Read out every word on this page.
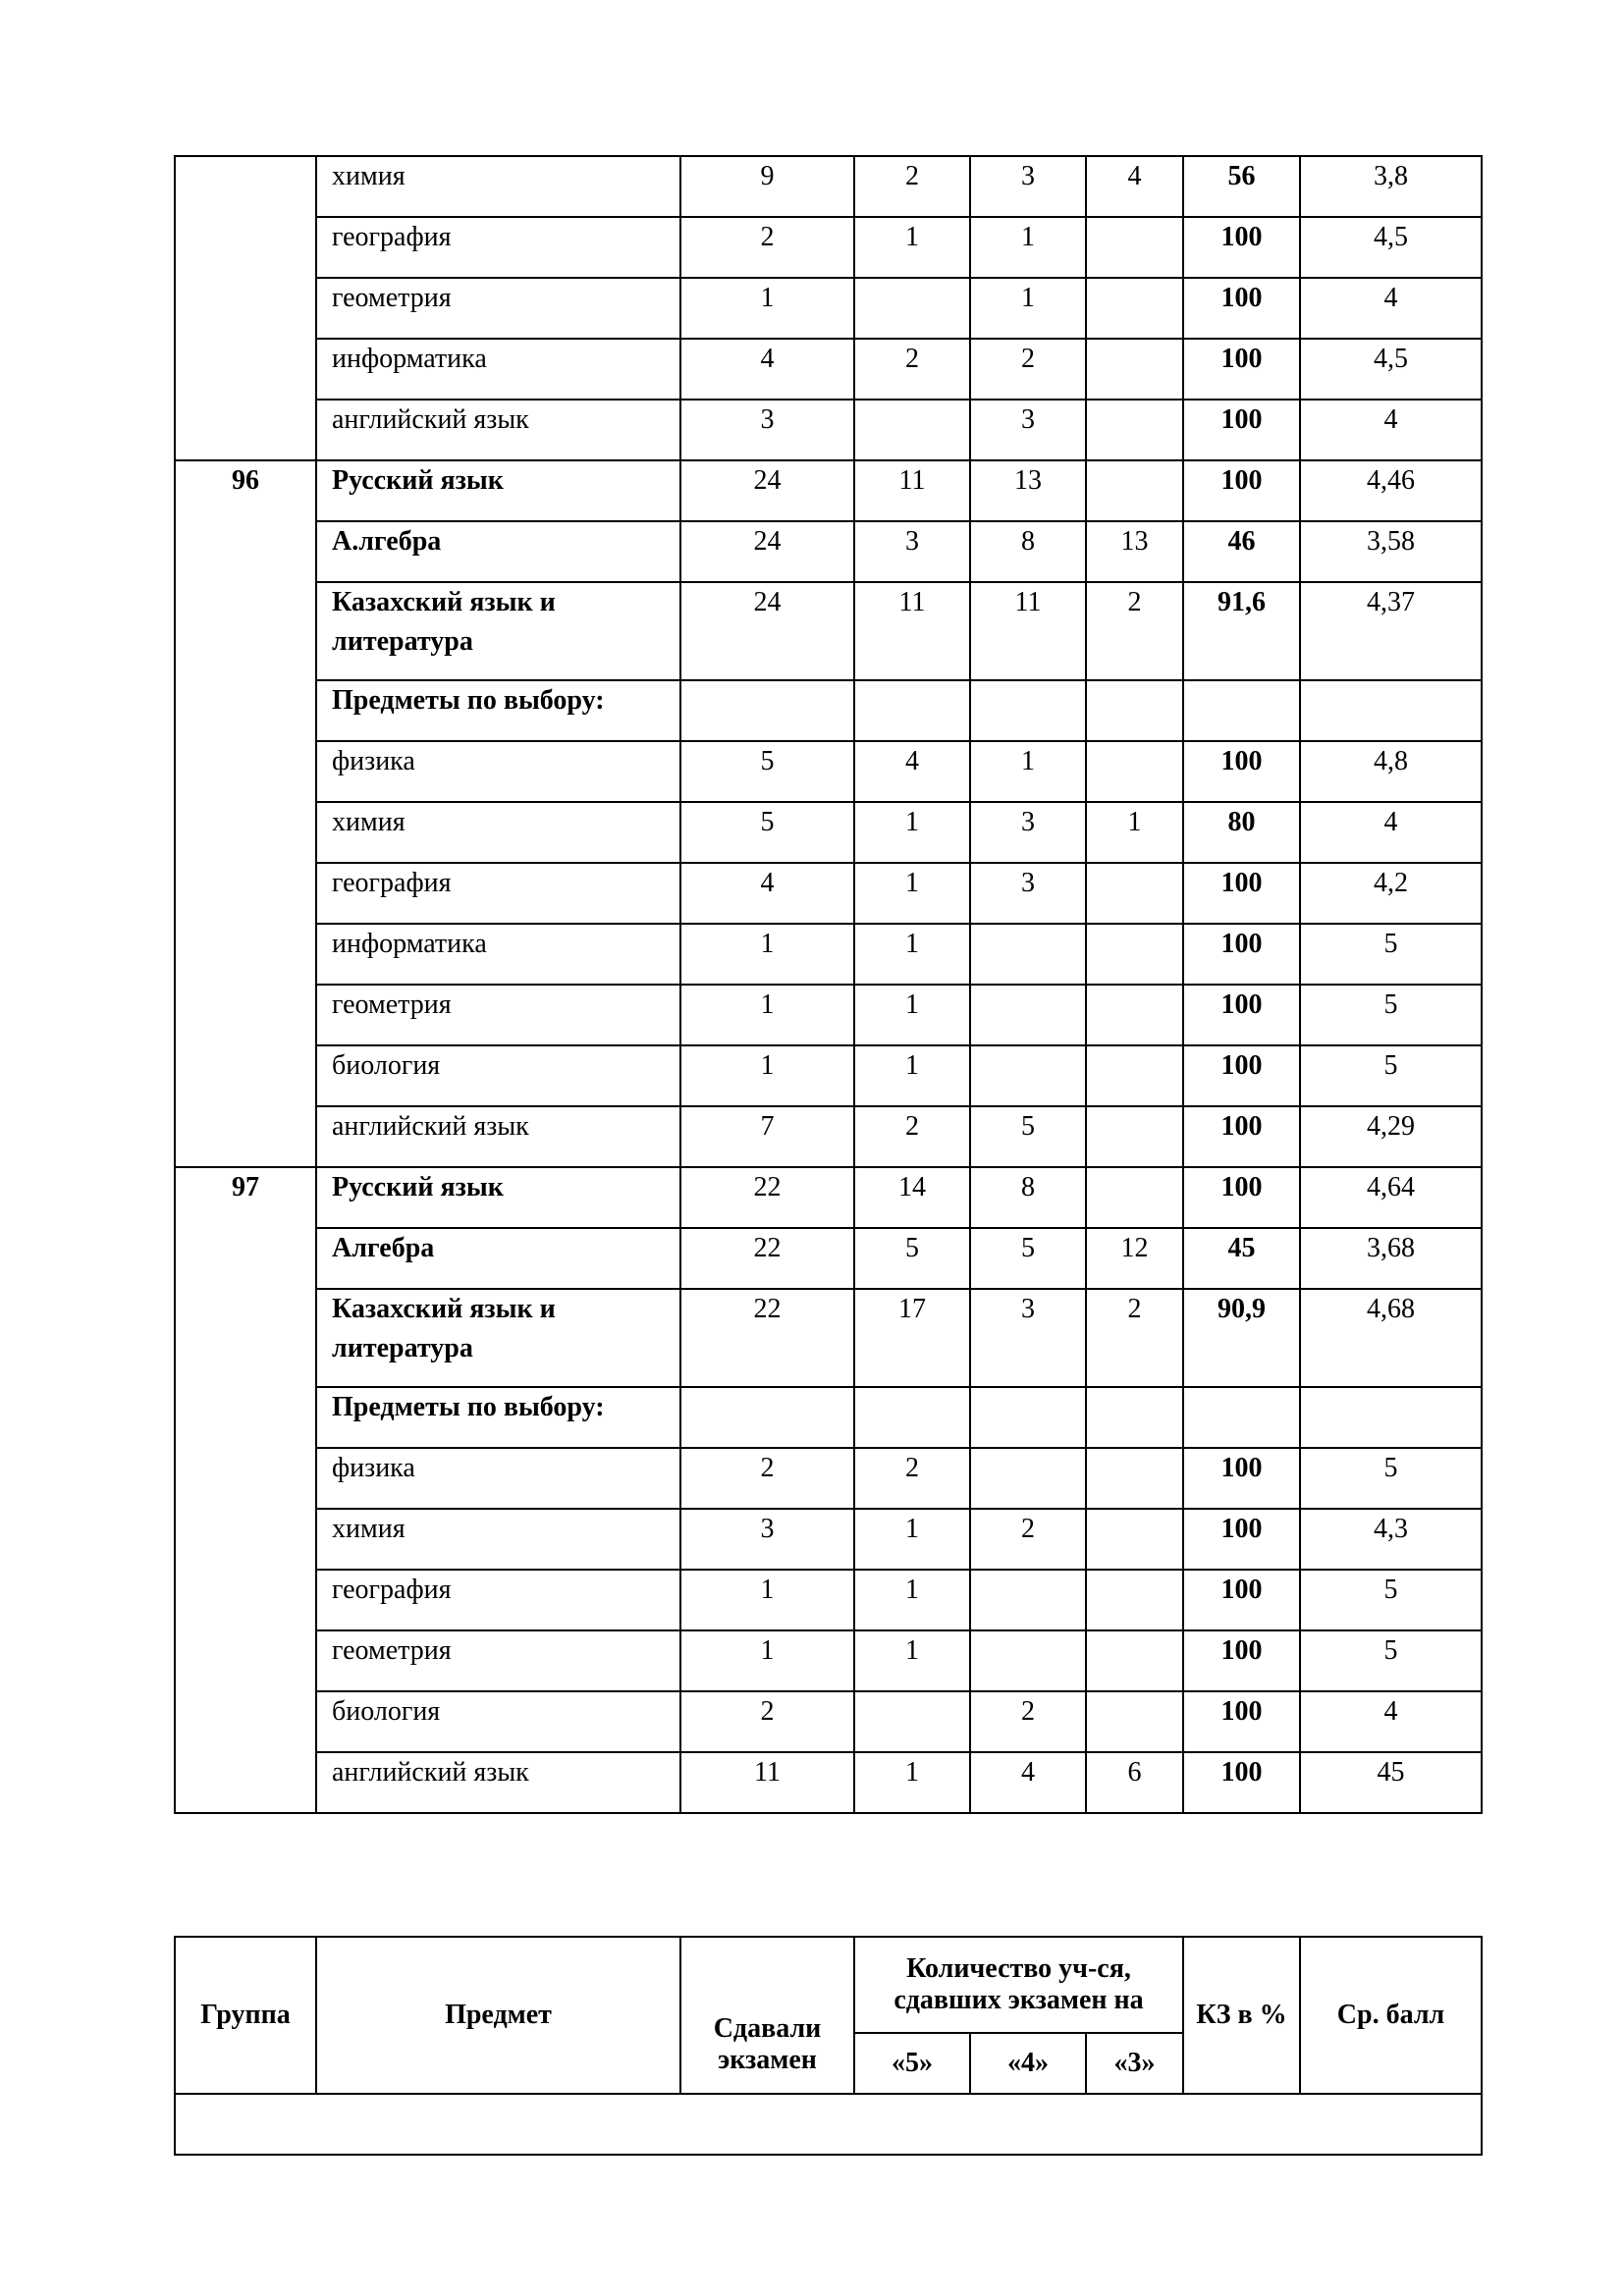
	химия	9	2	3	4	56	3,8
	география	2	1	1		100	4,5
	геометрия	1		1		100	4
	информатика	4	2	2		100	4,5
	английский язык	3		3		100	4
96	Русский язык	24	11	13		100	4,46
	А.лгебра	24	3	8	13	46	3,58
	Казахский язык и литература	24	11	11	2	91,6	4,37
	Предметы по выбору:						
	физика	5	4	1		100	4,8
	химия	5	1	3	1	80	4
	география	4	1	3		100	4,2
	информатика	1	1			100	5
	геометрия	1	1			100	5
	биология	1	1			100	5
	английский язык	7	2	5		100	4,29
97	Русский язык	22	14	8		100	4,64
	Алгебра	22	5	5	12	45	3,68
	Казахский язык и литература	22	17	3	2	90,9	4,68
	Предметы по выбору:						
	физика	2	2			100	5
	химия	3	1	2		100	4,3
	география	1	1			100	5
	геометрия	1	1			100	5
	биология	2		2		100	4
	английский язык	11	1	4	6	100	45
Группа	Предмет	Сдавали экзамен	Количество уч-ся, сдавших экзамен на			КЗ в %	Ср. балл
			«5»	«4»	«3»		
